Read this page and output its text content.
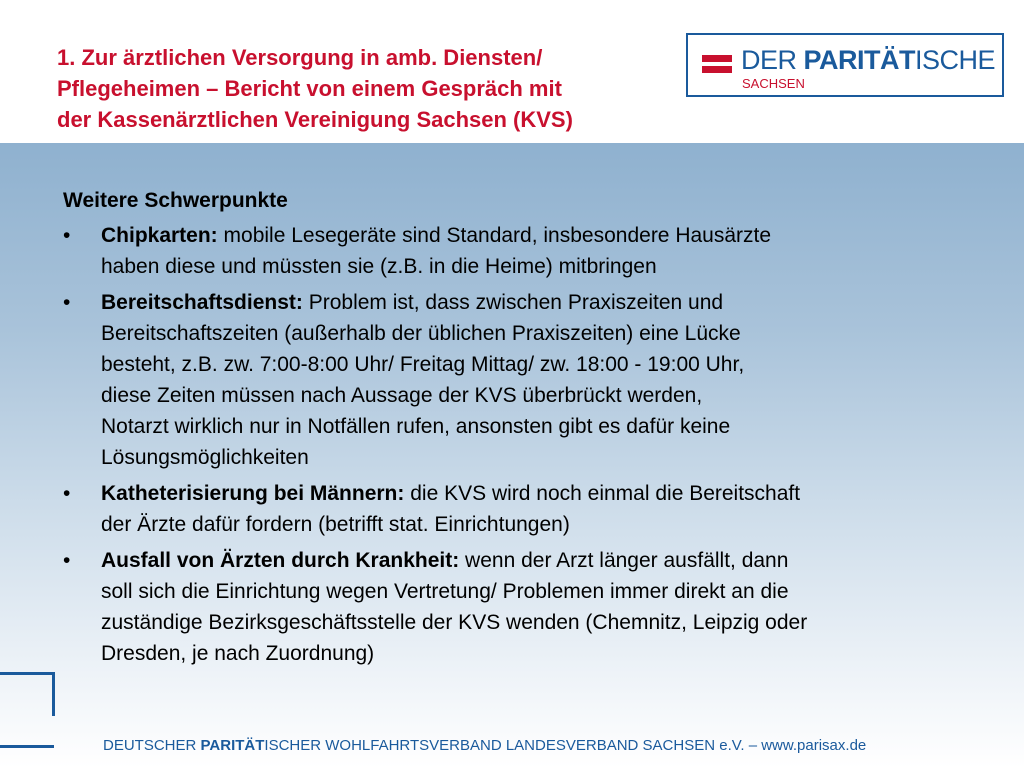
1. Zur ärztlichen Versorgung in amb. Diensten/
Pflegeheimen – Bericht von einem Gespräch mit
der Kassenärztlichen Vereinigung Sachsen (KVS)
DER PARITÄTISCHE
SACHSEN
Weitere Schwerpunkte
• Chipkarten: mobile Lesegeräte sind Standard, insbesondere Hausärzte
haben diese und müssten sie (z.B. in die Heime) mitbringen
• Bereitschaftsdienst: Problem ist, dass zwischen Praxiszeiten und
Bereitschaftszeiten (außerhalb der üblichen Praxiszeiten) eine Lücke
besteht, z.B. zw. 7:00-8:00 Uhr/ Freitag Mittag/ zw. 18:00 - 19:00 Uhr,
diese Zeiten müssen nach Aussage der KVS überbrückt werden,
Notarzt wirklich nur in Notfällen rufen, ansonsten gibt es dafür keine
Lösungsmöglichkeiten
• Katheterisierung bei Männern: die KVS wird noch einmal die Bereitschaft
der Ärzte dafür fordern (betrifft stat. Einrichtungen)
• Ausfall von Ärzten durch Krankheit: wenn der Arzt länger ausfällt, dann
soll sich die Einrichtung wegen Vertretung/ Problemen immer direkt an die
zuständige Bezirksgeschäftsstelle der KVS wenden (Chemnitz, Leipzig oder
Dresden, je nach Zuordnung)
DEUTSCHER PARITÄTISCHER WOHLFAHRTSVERBAND LANDESVERBAND SACHSEN e.V. – www.parisax.de
